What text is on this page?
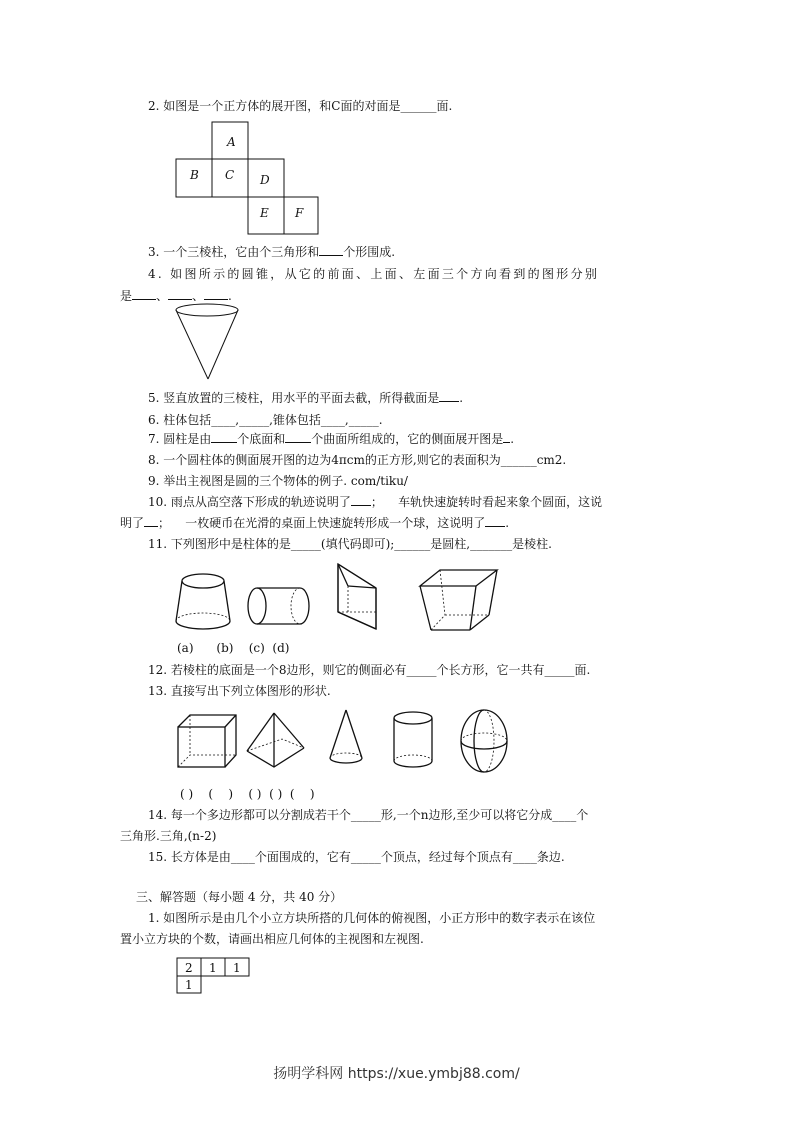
2. 如图是一个正方体的展开图，和C面的对面是______面.
A
B C D
E F
3. 一个三棱柱，它由个三角形和 个形围成.
4. 如图所示的圆锥，从它的前面、上面、左面三个方向看到的图形分别
是 、 、 .
5. 竖直放置的三棱柱，用水平的平面去截，所得截面是 .
6. 柱体包括____,_____,锥体包括____,_____.
7. 圆柱是由 个底面和 个曲面所组成的，它的侧面展开图是 .
8. 一个圆柱体的侧面展开图的边为4πcm的正方形,则它的表面积为______cm2.
9. 举出主视图是圆的三个物体的例子. com/tiku/
10. 雨点从高空落下形成的轨迹说明了 ；    车轨快速旋转时看起来象个圆面，这说
明了 ；    一枚硬币在光滑的桌面上快速旋转形成一个球，这说明了 .
11. 下列图形中是柱体的是_____(填代码即可);______是圆柱,_______是棱柱.
(a)      (b)    (c)  (d)
12. 若棱柱的底面是一个8边形，则它的侧面必有_____个长方形，它一共有_____面.
13. 直接写出下列立体图形的形状.
( )    (    )    ( )  ( )  (    )
14. 每一个多边形都可以分割成若干个_____形,一个n边形,至少可以将它分成____个
三角形.三角,(n-2)
15. 长方体是由____个面围成的，它有_____个顶点，经过每个顶点有____条边.
三、解答题（每小题 4 分，共 40 分）
1. 如图所示是由几个小立方块所搭的几何体的俯视图，小正方形中的数字表示在该位
置小立方块的个数，请画出相应几何体的主视图和左视图.
2 1 1
1
扬明学科网 https://xue.ymbj88.com/
